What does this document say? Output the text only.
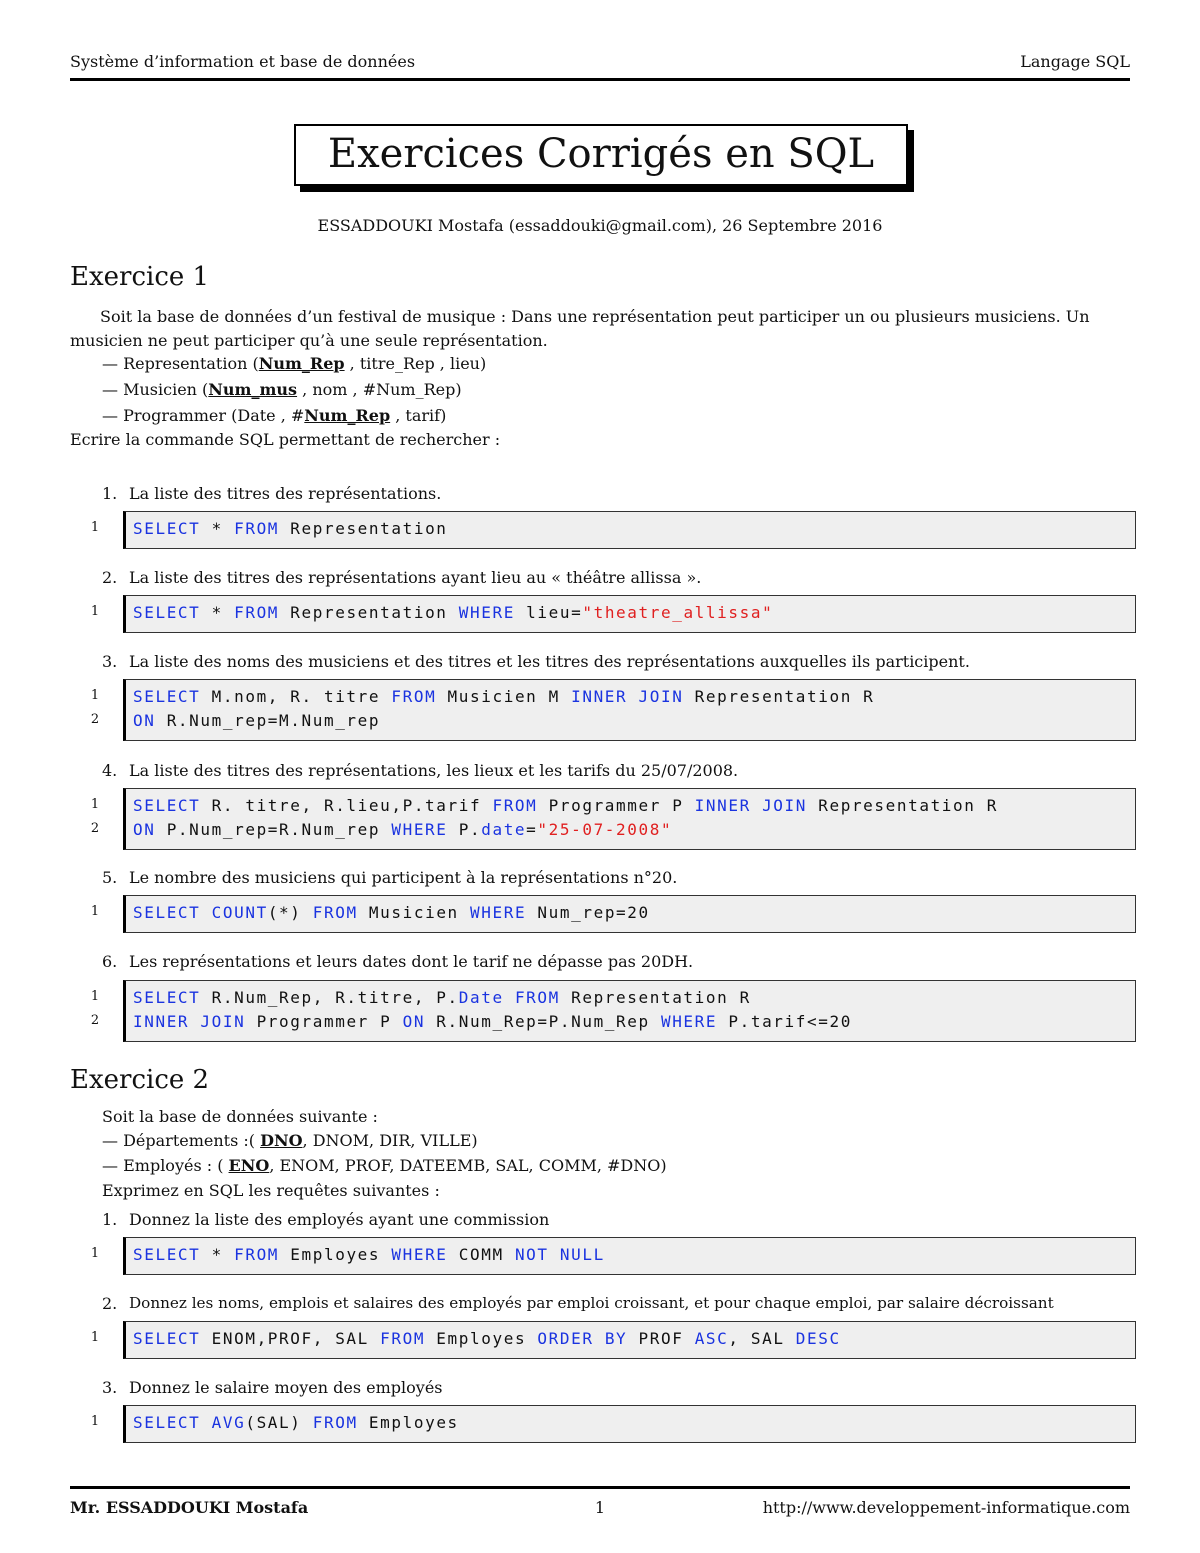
Système d’information et base de données	Langage SQL
Exercices Corrigés en SQL
ESSADDOUKI Mostafa (essaddouki@gmail.com), 26 Septembre 2016
Exercice 1

Soit la base de données d’un festival de musique : Dans une représentation peut participer un ou plusieurs musiciens. Un musicien ne peut participer qu’à une seule représentation.

— Representation (Num_Rep , titre_Rep , lieu)
— Musicien (Num_mus , nom , #Num_Rep)
— Programmer (Date , #Num_Rep , tarif)
Ecrire la commande SQL permettant de rechercher :
1. La liste des titres des représentations.
1 SELECT * FROM Representation
2. La liste des titres des représentations ayant lieu au « théâtre allissa ».
1 SELECT * FROM Representation WHERE lieu="theatre_allissa"
3. La liste des noms des musiciens et des titres et les titres des représentations auxquelles ils participent.
1 SELECT M.nom, R. titre FROM Musicien M INNER JOIN Representation R
2 ON R.Num_rep=M.Num_rep
4. La liste des titres des représentations, les lieux et les tarifs du 25/07/2008.
1 SELECT R. titre, R.lieu,P.tarif FROM Programmer P INNER JOIN Representation R
2 ON P.Num_rep=R.Num_rep WHERE P.date="25-07-2008"
5. Le nombre des musiciens qui participent à la représentations n°20.
1 SELECT COUNT(*) FROM Musicien WHERE Num_rep=20
6. Les représentations et leurs dates dont le tarif ne dépasse pas 20DH.
1 SELECT R.Num_Rep, R.titre, P.Date FROM Representation R
2 INNER JOIN Programmer P ON R.Num_Rep=P.Num_Rep WHERE P.tarif<=20
Exercice 2
Soit la base de données suivante :
— Départements :( DNO, DNOM, DIR, VILLE)
— Employés : ( ENO, ENOM, PROF, DATEEMB, SAL, COMM, #DNO)
Exprimez en SQL les requêtes suivantes :
1. Donnez la liste des employés ayant une commission
1 SELECT * FROM Employes WHERE COMM NOT NULL
2. Donnez les noms, emplois et salaires des employés par emploi croissant, et pour chaque emploi, par salaire décroissant
1 SELECT ENOM,PROF, SAL FROM Employes ORDER BY PROF ASC, SAL DESC
3. Donnez le salaire moyen des employés
1 SELECT AVG(SAL) FROM Employes
Mr. ESSADDOUKI Mostafa	1	http://www.developpement-informatique.com
